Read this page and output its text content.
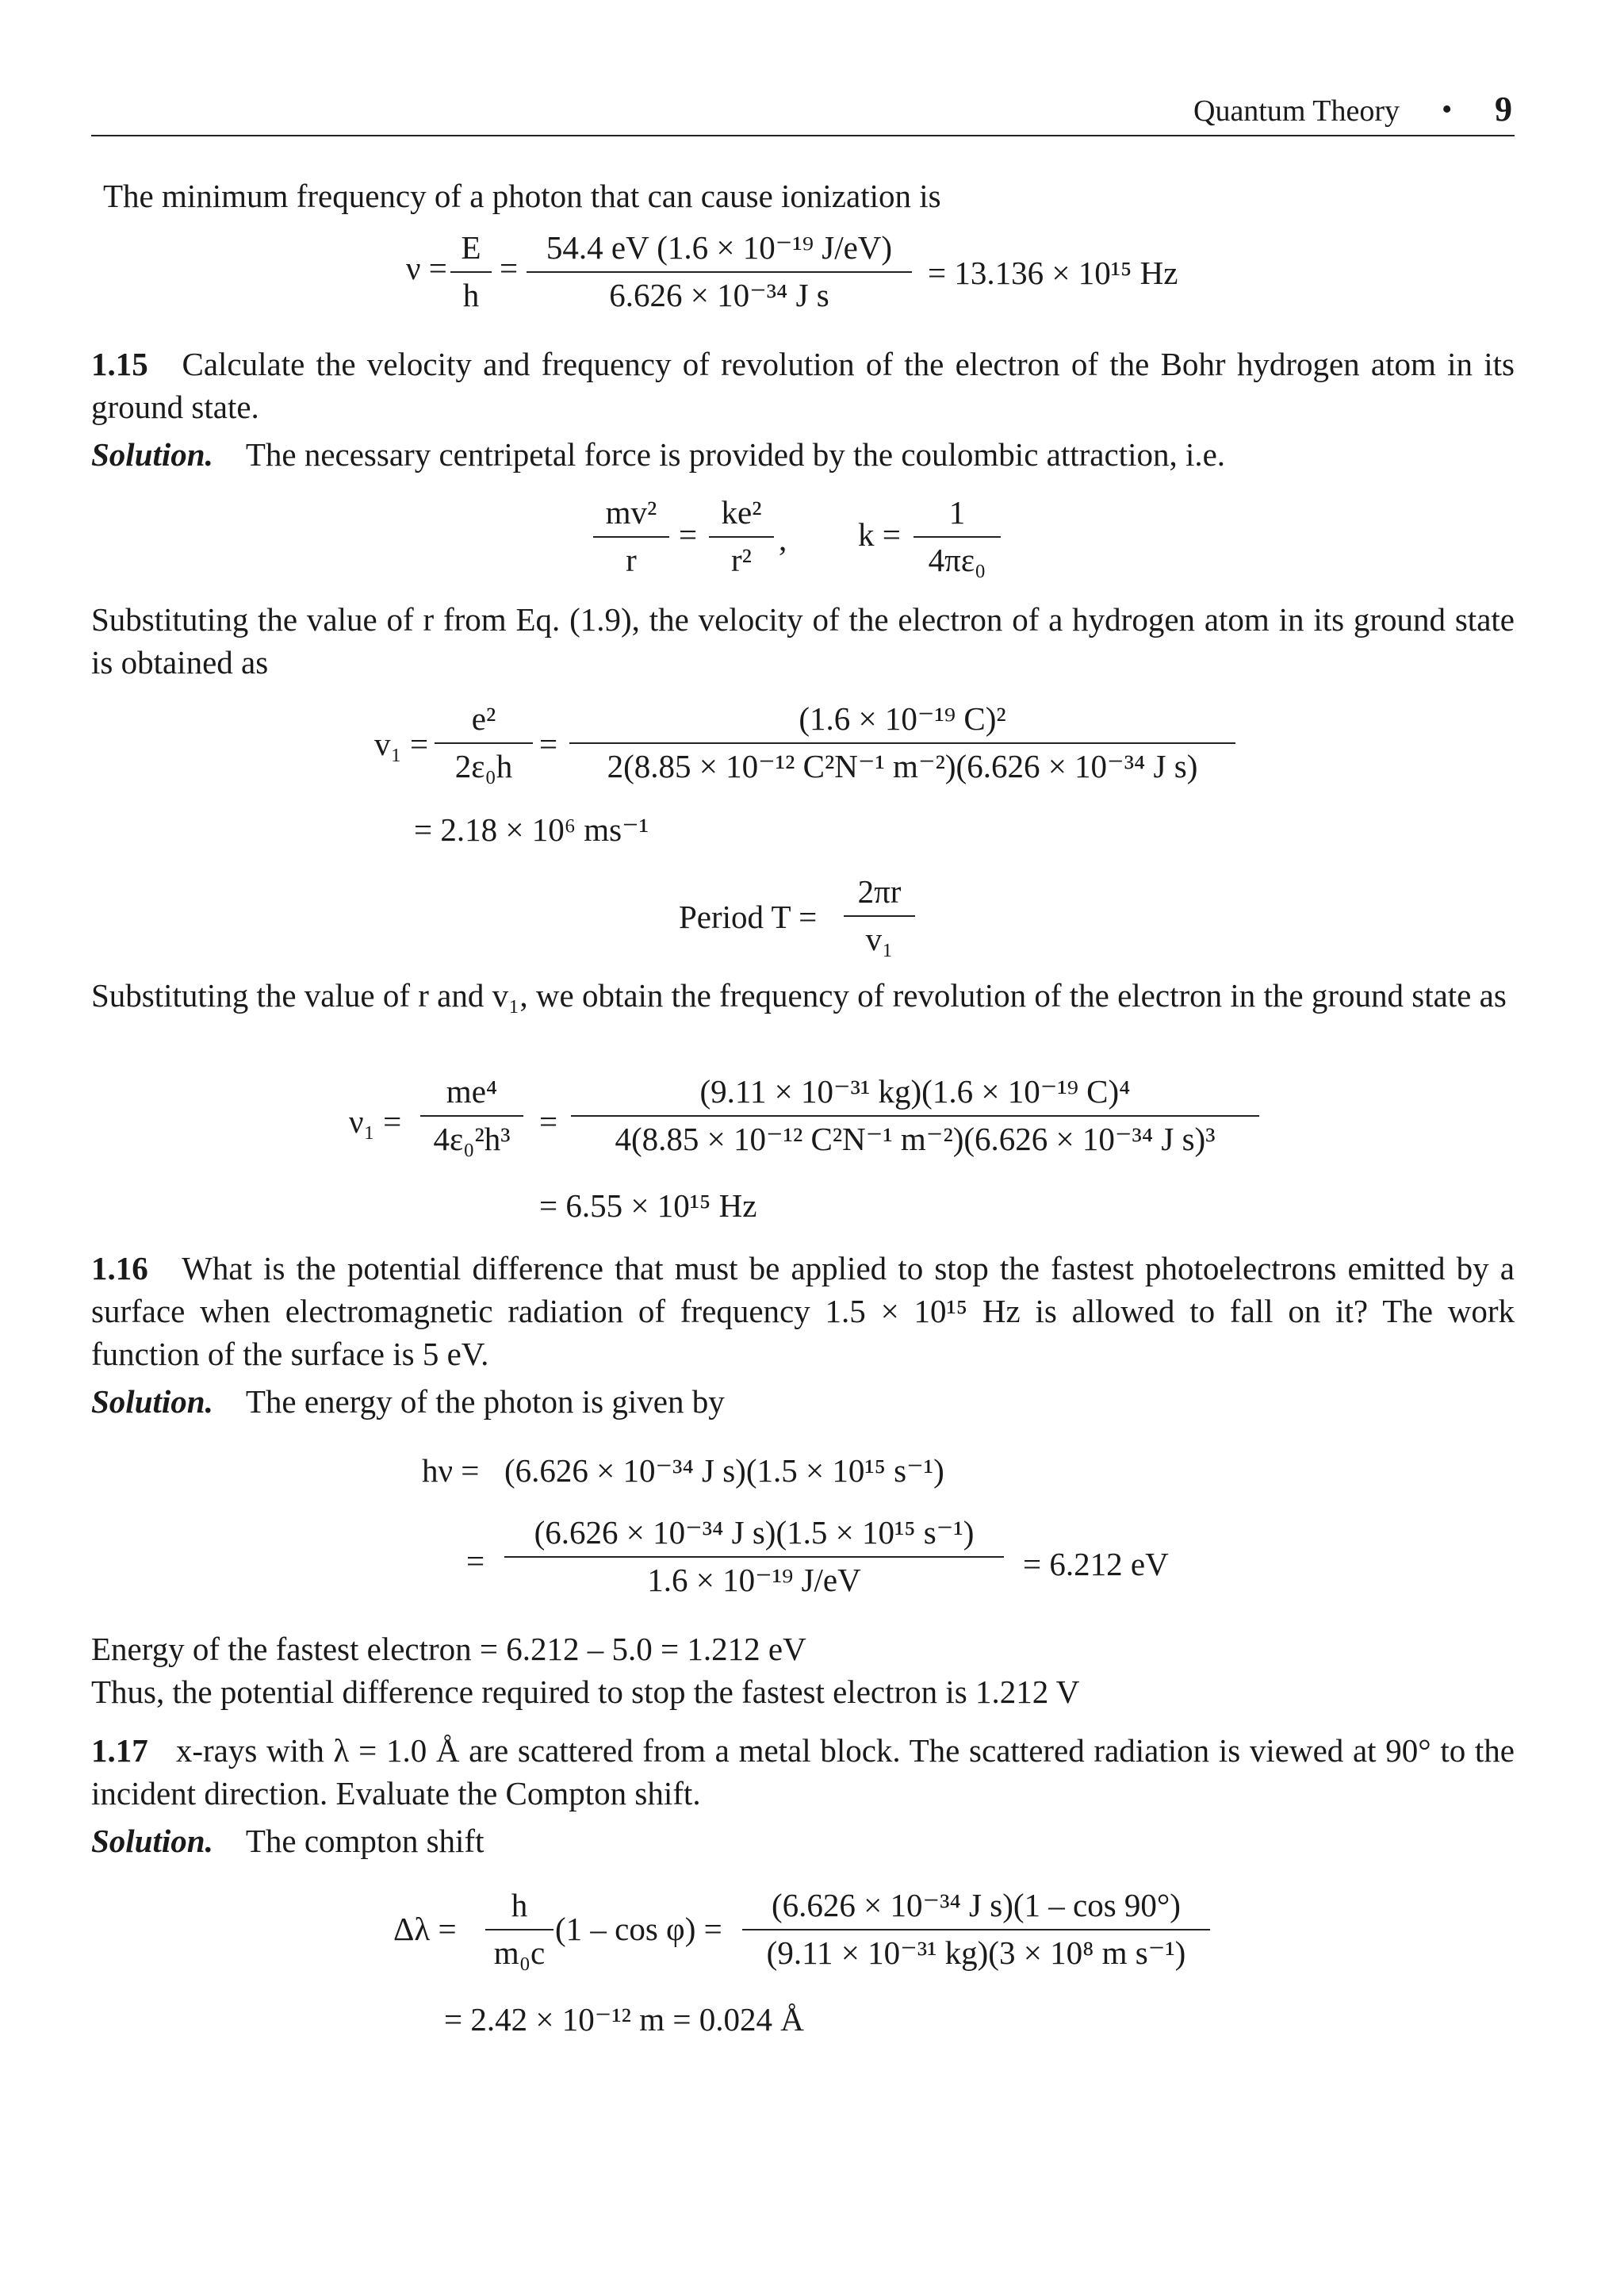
Quantum Theory • 9
The minimum frequency of a photon that can cause ionization is
$\nu = \frac{E}{h} = \frac{\text{54.4 eV (1.6 × 10⁻¹⁹ J/eV)}}{\text{6.626 × 10⁻³⁴ J s}} = 13.136 \times 10^{15}$ Hz
1.15 Calculate the velocity and frequency of revolution of the electron of the Bohr hydrogen atom in its ground state.
Solution. The necessary centripetal force is provided by the coulombic attraction, i.e.
$\frac{\text{mv²}}{r} = \frac{\text{ke²}}{\text{r²}}$ , $k = \frac{1}{\text{4πε₀}}$
Substituting the value of r from Eq. (1.9), the velocity of the electron of a hydrogen atom in its ground state is obtained as
$v_1 = \frac{\text{e²}}{\text{2ε₀h}} = \frac{\text{(1.6 × 10⁻¹⁹ C)²}}{\text{2(8.85 × 10⁻¹² C²N⁻¹ m⁻²)(6.626 × 10⁻³⁴ J s)}}$
= 2.18 × 10⁶ ms⁻¹
Period $T = \frac{2\pi r}{\text{v₁}}$
Substituting the value of r and v₁, we obtain the frequency of revolution of the electron in the ground state as
$\nu_1 = \frac{\text{me⁴}}{\text{4ε₀²h³}} = \frac{\text{(9.11 × 10⁻³¹ kg)(1.6 × 10⁻¹⁹ C)⁴}}{\text{4(8.85 × 10⁻¹² C²N⁻¹ m⁻²)(6.626 × 10⁻³⁴ J s)³}}$
= 6.55 × 10¹⁵ Hz
1.16 What is the potential difference that must be applied to stop the fastest photoelectrons emitted by a surface when electromagnetic radiation of frequency 1.5 × 10¹⁵ Hz is allowed to fall on it? The work function of the surface is 5 eV.
Solution. The energy of the photon is given by
hν = (6.626 × 10⁻³⁴ J s)(1.5 × 10¹⁵ s⁻¹)
= $\frac{\text{(6.626 × 10⁻³⁴ J s)(1.5 × 10¹⁵ s⁻¹)}}{\text{1.6 × 10⁻¹⁹ J/eV}} = 6.212$ eV
Energy of the fastest electron = 6.212 – 5.0 = 1.212 eV
Thus, the potential difference required to stop the fastest electron is 1.212 V
1.17 x-rays with λ = 1.0 Å are scattered from a metal block. The scattered radiation is viewed at 90° to the incident direction. Evaluate the Compton shift.
Solution. The compton shift
$\Delta\lambda = \frac{h}{\text{m₀c}} (1 - \cos \varphi) = \frac{\text{(6.626 × 10⁻³⁴ J s)(1 – cos 90°)}}{\text{(9.11 × 10⁻³¹ kg)(3 × 10⁸ m s⁻¹)}}$
= 2.42 × 10⁻¹² m = 0.024 Å
